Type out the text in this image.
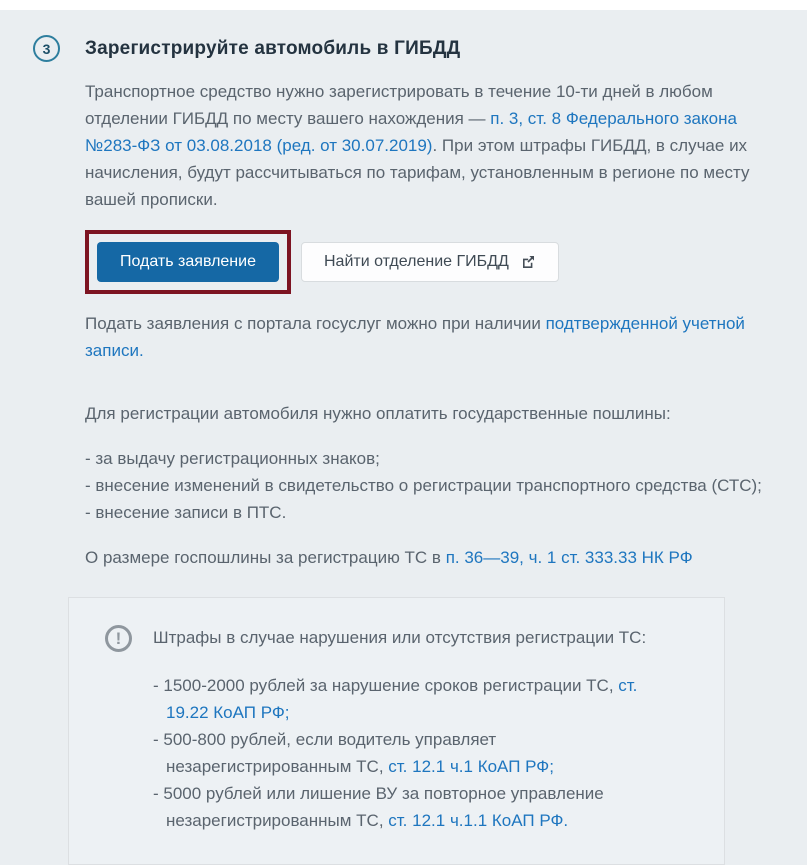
3 Зарегистрируйте автомобиль в ГИБДД

Транспортное средство нужно зарегистрировать в течение 10-ти дней в любом отделении ГИБДД по месту вашего нахождения — п. 3, ст. 8 Федерального закона №283-ФЗ от 03.08.2018 (ред. от 30.07.2019). При этом штрафы ГИБДД, в случае их начисления, будут рассчитываться по тарифам, установленным в регионе по месту вашей прописки.

Подать заявление	Найти отделение ГИБДД

Подать заявления с портала госуслуг можно при наличии подтвержденной учетной записи.

Для регистрации автомобиля нужно оплатить государственные пошлины:

- за выдачу регистрационных знаков;
- внесение изменений в свидетельство о регистрации транспортного средства (СТС);
- внесение записи в ПТС.

О размере госпошлины за регистрацию ТС в п. 36—39, ч. 1 ст. 333.33 НК РФ

! Штрафы в случае нарушения или отсутствия регистрации ТС:
- 1500-2000 рублей за нарушение сроков регистрации ТС, ст. 19.22 КоАП РФ;
- 500-800 рублей, если водитель управляет незарегистрированным ТС, ст. 12.1 ч.1 КоАП РФ;
- 5000 рублей или лишение ВУ за повторное управление незарегистрированным ТС, ст. 12.1 ч.1.1 КоАП РФ.
